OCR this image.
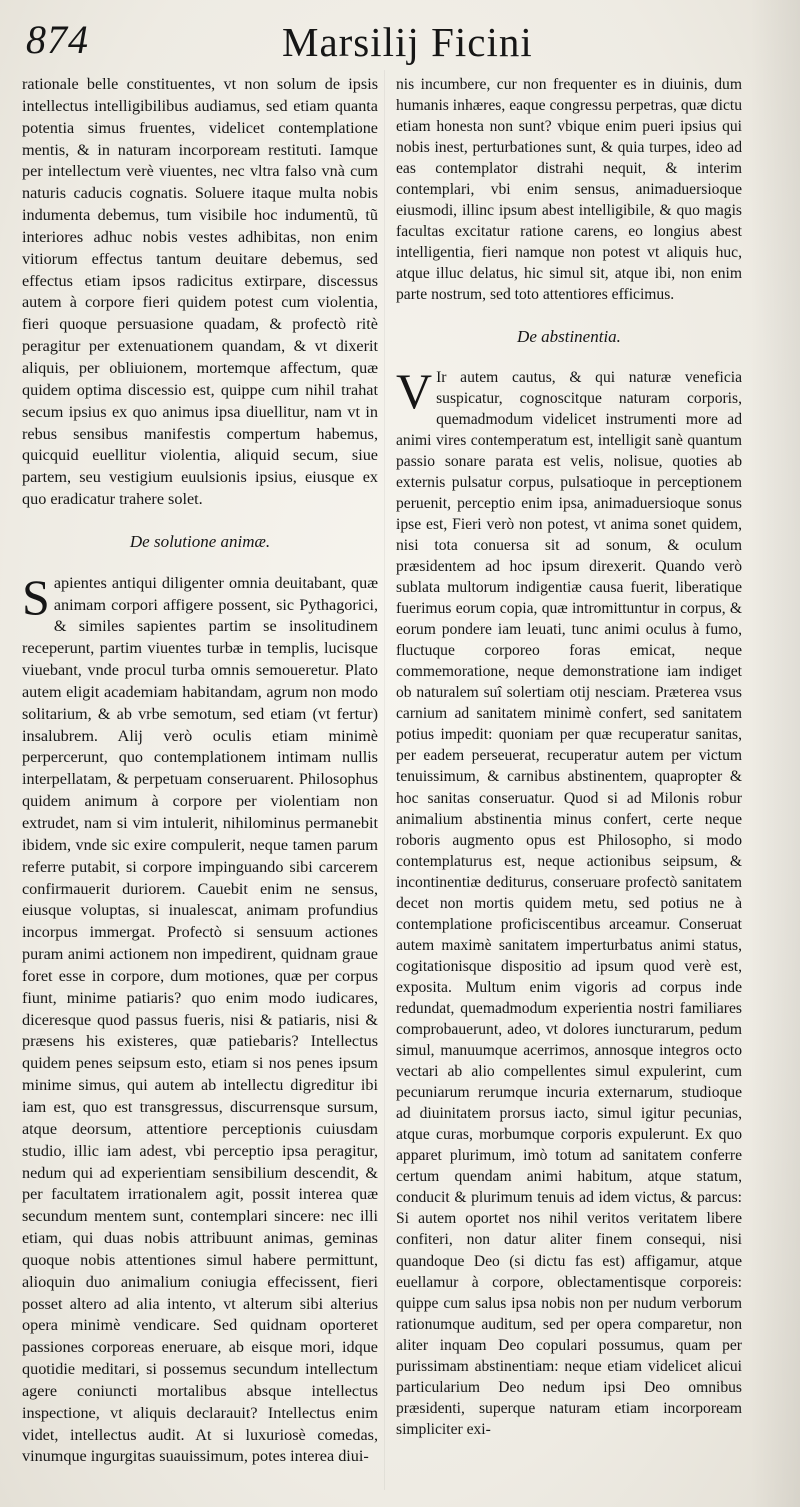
874	Marsilij Ficini

rationale belle constituentes, vt non solum de ipsis intellectus intelligibilibus audiamus, sed etiam quanta potentia simus fruentes, videlicet contemplatione mentis, & in naturam incorpoream restituti. Iamque per intellectum verè viuentes, nec vltra falso vnà cum naturis caducis cognatis. Soluere itaque multa nobis indumenta debemus, tum visibile hoc indumentũ, tũ interiores adhuc nobis vestes adhibitas, non enim vitiorum effectus tantum deuitare debemus, sed effectus etiam ipsos radicitus extirpare, discessus autem à corpore fieri quidem potest cum violentia, fieri quoque persuasione quadam, & profectò ritè peragitur per extenuationem quandam, & vt dixerit aliquis, per obliuionem, mortemque affectum, quæ quidem optima discessio est, quippe cum nihil trahat secum ipsius ex quo animus ipsa diuellitur, nam vt in rebus sensibus manifestis compertum habemus, quicquid euellitur violentia, aliquid secum, siue partem, seu vestigium euulsionis ipsius, eiusque ex quo eradicatur trahere solet.

De solutione animæ.

Sapientes antiqui diligenter omnia deuitabant, quæ animam corpori affigere possent, sic Pythagorici, & similes sapientes partim se insolitudinem receperunt, partim viuentes turbæ in templis, lucisque viuebant, vnde procul turba omnis semoueretur. Plato autem eligit academiam habitandam, agrum non modo solitarium, & ab vrbe semotum, sed etiam (vt fertur) insalubrem. Alij verò oculis etiam minimè perpercerunt, quo contemplationem intimam nullis interpellatam, & perpetuam conseruarent. Philosophus quidem animum à corpore per violentiam non extrudet, nam si vim intulerit, nihilominus permanebit ibidem, vnde sic exire compulerit, neque tamen parum referre putabit, si corpore impinguando sibi carcerem confirmauerit duriorem. Cauebit enim ne sensus, eiusque voluptas, si inualescat, animam profundius incorpus immergat. Profectò si sensuum actiones puram animi actionem non impedirent, quidnam graue foret esse in corpore, dum motiones, quæ per corpus fiunt, minime patiaris? quo enim modo iudicares, diceresque quod passus fueris, nisi & patiaris, nisi & præsens his existeres, quæ patiebaris? Intellectus quidem penes seipsum esto, etiam si nos penes ipsum minime simus, qui autem ab intellectu digreditur ibi iam est, quo est transgressus, discurrensque sursum, atque deorsum, attentiore perceptionis cuiusdam studio, illic iam adest, vbi perceptio ipsa peragitur, nedum qui ad experientiam sensibilium descendit, & per facultatem irrationalem agit, possit interea quæ secundum mentem sunt, contemplari sincere: nec illi etiam, qui duas nobis attribuunt animas, geminas quoque nobis attentiones simul habere permittunt, alioquin duo animalium coniugia effecissent, fieri posset altero ad alia intento, vt alterum sibi alterius opera minimè vendicare. Sed quidnam oporteret passiones corporeas eneruare, ab eisque mori, idque quotidie meditari, si possemus secundum intellectum agere coniuncti mortalibus absque intellectus inspectione, vt aliquis declarauit? Intellectus enim videt, intellectus audit. At si luxuriosè comedas, vinumque ingurgitas suauissimum, potes interea diui-

nis incumbere, cur non frequenter es in diuinis, dum humanis inhæres, eaque congressu perpetras, quæ dictu etiam honesta non sunt? vbique enim pueri ipsius qui nobis inest, perturbationes sunt, & quia turpes, ideo ad eas contemplator distrahi nequit, & interim contemplari, vbi enim sensus, animaduersioque eiusmodi, illinc ipsum abest intelligibile, & quo magis facultas excitatur ratione carens, eo longius abest intelligentia, fieri namque non potest vt aliquis huc, atque illuc delatus, hic simul sit, atque ibi, non enim parte nostrum, sed toto attentiores efficimus.

De abstinentia.

V Ir autem cautus, & qui naturæ veneficia suspicatur, cognoscitque naturam corporis, quemadmodum videlicet instrumenti more ad animi vires contemperatum est, intelligit sanè quantum passio sonare parata est velis, nolisue, quoties ab externis pulsatur corpus, pulsatioque in perceptionem peruenit, perceptio enim ipsa, animaduersioque sonus ipse est, Fieri verò non potest, vt anima sonet quidem, nisi tota conuersa sit ad sonum, & oculum præsidentem ad hoc ipsum direxerit. Quando verò sublata multorum indigentiæ causa fuerit, liberatique fuerimus eorum copia, quæ intromittuntur in corpus, & eorum pondere iam leuati, tunc animi oculus à fumo, fluctuque corporeo foras emicat, neque commemoratione, neque demonstratione iam indiget ob naturalem suî solertiam otij nesciam. Præterea vsus carnium ad sanitatem minimè confert, sed sanitatem potius impedit: quoniam per quæ recuperatur sanitas, per eadem perseuerat, recuperatur autem per victum tenuissimum, & carnibus abstinentem, quapropter & hoc sanitas conseruatur. Quod si ad Milonis robur animalium abstinentia minus confert, certe neque roboris augmento opus est Philosopho, si modo contemplaturus est, neque actionibus seipsum, & incontinentiæ dediturus, conseruare profectò sanitatem decet non mortis quidem metu, sed potius ne à contemplatione proficiscentibus arceamur. Conseruat autem maximè sanitatem imperturbatus animi status, cogitationisque dispositio ad ipsum quod verè est, exposita. Multum enim vigoris ad corpus inde redundat, quemadmodum experientia nostri familiares comprobauerunt, adeo, vt dolores iuncturarum, pedum simul, manuumque acerrimos, annosque integros octo vectari ab alio compellentes simul expulerint, cum pecuniarum rerumque incuria externarum, studioque ad diuinitatem prorsus iacto, simul igitur pecunias, atque curas, morbumque corporis expulerunt. Ex quo apparet plurimum, imò totum ad sanitatem conferre certum quendam animi habitum, atque statum, conducit & plurimum tenuis ad idem victus, & parcus: Si autem oportet nos nihil veritos veritatem libere confiteri, non datur aliter finem consequi, nisi quandoque Deo (si dictu fas est) affigamur, atque euellamur à corpore, oblectamentisque corporeis: quippe cum salus ipsa nobis non per nudum verborum rationumque auditum, sed per opera comparetur, non aliter inquam Deo copulari possumus, quam per purissimam abstinentiam: neque etiam videlicet alicui particularium Deo nedum ipsi Deo omnibus præsidenti, superque naturam etiam incorpoream simpliciter exi-
